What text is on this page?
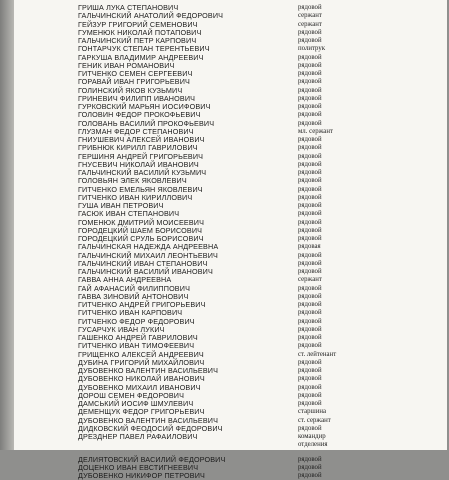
ГРИША ЛУКА СТЕПАНОВИЧ	рядовой
ГАЛЬЧИНСКИЙ АНАТОЛИЙ ФЕДОРОВИЧ	сержант
ГЕЙЗУР ГРИГОРИЙ СЕМЕНОВИЧ	сержант
ГУМЕНЮК НИКОЛАЙ ПОТАПОВИЧ	рядовой
ГАЛЬЧИНСКИЙ ПЕТР КАРПОВИЧ	рядовой
ГОНТАРЧУК СТЕПАН ТЕРЕНТЬЕВИЧ	политрук
ГАРКУША ВЛАДИМИР АНДРЕЕВИЧ	рядовой
ГЕНИК ИВАН РОМАНОВИЧ	рядовой
ГИТЧЕНКО СЕМЕН СЕРГЕЕВИЧ	рядовой
ГОРАВАЙ ИВАН ГРИГОРЬЕВИЧ	рядовой
ГОЛИНСКИЙ ЯКОВ КУЗЬМИЧ	рядовой
ГРИНЕВИЧ ФИЛИПП ИВАНОВИЧ	рядовой
ГУРКОВСКИЙ МАРЬЯН ИОСИФОВИЧ	рядовой
ГОЛОВИН ФЕДОР ПРОКОФЬЕВИЧ	рядовой
ГОЛОВАНЬ ВАСИЛИЙ ПРОКОФЬЕВИЧ	рядовой
ГЛУЗМАН ФЕДОР СТЕПАНОВИЧ	мл. сержант
ГНИУШЕВИЧ АЛЕКСЕЙ ИВАНОВИЧ	рядовой
ГРИБНЮК КИРИЛЛ ГАВРИЛОВИЧ	рядовой
ГЕРШИНЯ АНДРЕЙ ГРИГОРЬЕВИЧ	рядовой
ГНУСЕВИЧ НИКОЛАЙ ИВАНОВИЧ	рядовой
ГАЛЬЧИНСКИЙ ВАСИЛИЙ КУЗЬМИЧ	рядовой
ГОЛОВЬЯН ЭЛЕК ЯКОВЛЕВИЧ	рядовой
ГИТЧЕНКО ЕМЕЛЬЯН ЯКОВЛЕВИЧ	рядовой
ГИТЧЕНКО ИВАН КИРИЛЛОВИЧ	рядовой
ГУША ИВАН ПЕТРОВИЧ	рядовой
ГАСЮК ИВАН СТЕПАНОВИЧ	рядовой
ГОМЕНЮК ДМИТРИЙ МОИСЕЕВИЧ	рядовой
ГОРОДЕЦКИЙ ШАЕМ БОРИСОВИЧ	рядовой
ГОРОДЕЦКИЙ СРУЛЬ БОРИСОВИЧ	рядовой
ГАЛЬЧИНСКАЯ НАДЕЖДА АНДРЕЕВНА	рядовая
ГАЛЬЧИНСКИЙ МИХАИЛ ЛЕОНТЬЕВИЧ	рядовой
ГАЛЬЧИНСКИЙ ИВАН СТЕПАНОВИЧ	рядовой
ГАЛЬЧИНСКИЙ ВАСИЛИЙ ИВАНОВИЧ	рядовой
ГАВВА АННА АНДРЕЕВНА	сержант
ГАЙ АФАНАСИЙ ФИЛИППОВИЧ	рядовой
ГАВВА ЗИНОВИЙ АНТОНОВИЧ	рядовой
ГИТЧЕНКО АНДРЕЙ ГРИГОРЬЕВИЧ	рядовой
ГИТЧЕНКО ИВАН КАРПОВИЧ	рядовой
ГИТЧЕНКО ФЕДОР ФЕДОРОВИЧ	рядовой
ГУСАРЧУК ИВАН ЛУКИЧ	рядовой
ГАШЕНКО АНДРЕЙ ГАВРИЛОВИЧ	рядовой
ГИТЧЕНКО ИВАН ТИМОФЕЕВИЧ	рядовой
ГРИЩЕНКО АЛЕКСЕЙ АНДРЕЕВИЧ	ст. лейтенант
ДУБИНА ГРИГОРИЙ МИХАЙЛОВИЧ	рядовой
ДУБОВЕНКО ВАЛЕНТИН ВАСИЛЬЕВИЧ	рядовой
ДУБОВЕНКО НИКОЛАЙ ИВАНОВИЧ	рядовой
ДУБОВЕНКО МИХАИЛ ИВАНОВИЧ	рядовой
ДОРОШ СЕМЕН ФЕДОРОВИЧ	рядовой
ДАМСЬКИЙ ИОСИФ ШМУЛЕВИЧ	рядовой
ДЕМЕНЩУК ФЕДОР ГРИГОРЬЕВИЧ	старшина
ДУБОВЕНКО ВАЛЕНТИН ВАСИЛЬЕВИЧ	ст. сержант
ДИДКОВСКИЙ ФЕОДОСИЙ ФЕДОРОВИЧ	рядовой
ДРЕЗДНЕР ПАВЕЛ РАФАИЛОВИЧ	командир
отделения
ДЕЛИЯТОВСКИЙ ВАСИЛИЙ ФЕДОРОВИЧ	рядовой
ДОЦЕНКО ИВАН ЕВСТИГНЕЕВИЧ	рядовой
ДУБОВЕНКО НИКИФОР ПЕТРОВИЧ	рядовой
